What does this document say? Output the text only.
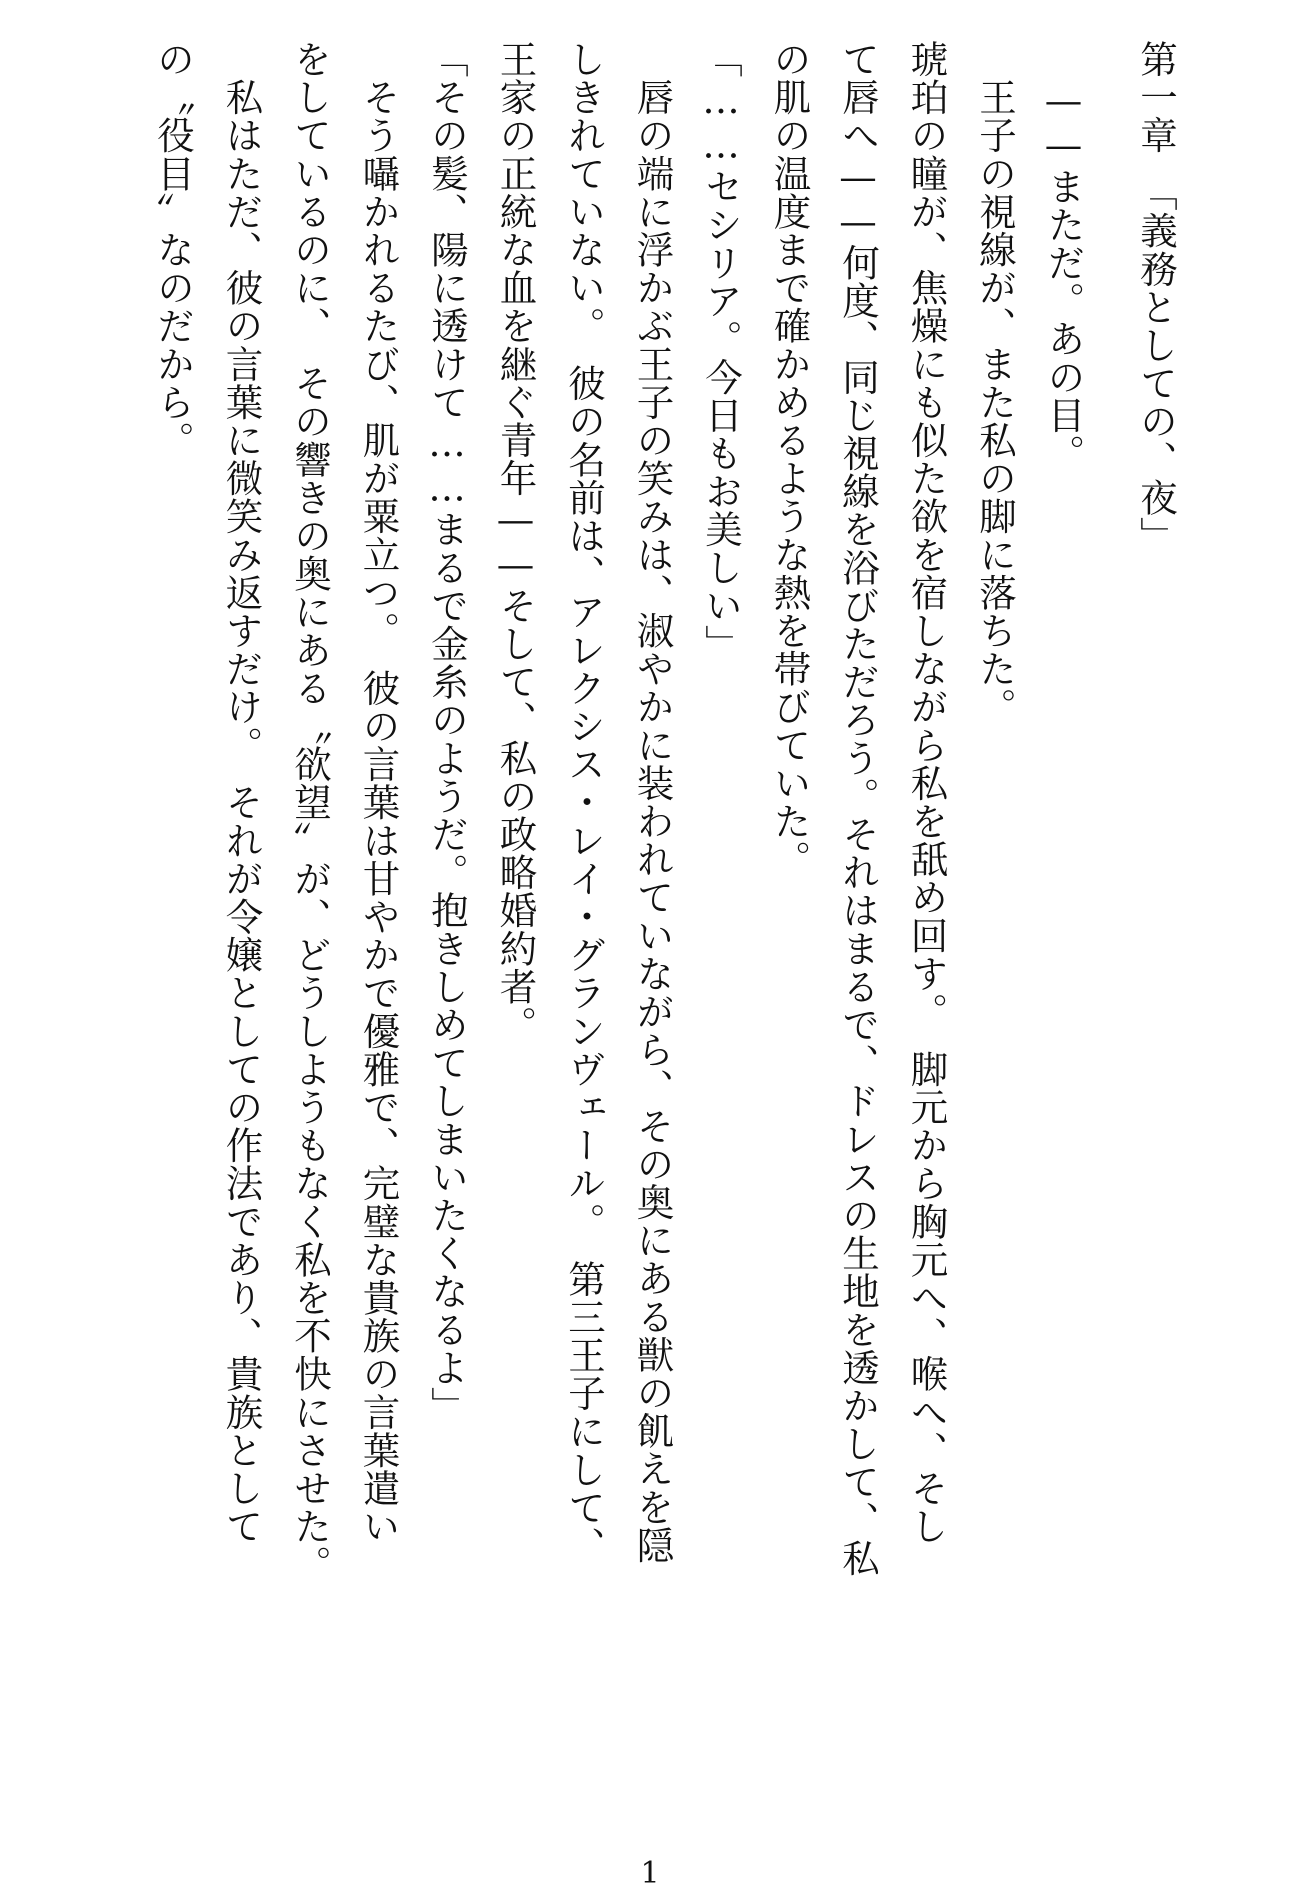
第一章　「義務としての、夜」

　——まただ。あの目。

　王子の視線が、また私の脚に落ちた。

琥珀の瞳が、焦燥にも似た欲を宿しながら私を舐め回す。　脚元から胸元へ、喉へ、そし

て唇へ——何度、同じ視線を浴びただろう。それはまるで、ドレスの生地を透かして、私

の肌の温度まで確かめるような熱を帯びていた。

「……セシリア。今日もお美しい」

　唇の端に浮かぶ王子の笑みは、淑やかに装われていながら、その奥にある獣の飢えを隠

しきれていない。　彼の名前は、アレクシス・レイ・グランヴェール。　第三王子にして、

王家の正統な血を継ぐ青年——そして、私の政略婚約者。

「その髪、陽に透けて……まるで金糸のようだ。抱きしめてしまいたくなるよ」

　そう囁かれるたび、肌が粟立つ。　彼の言葉は甘やかで優雅で、完璧な貴族の言葉遣い

をしているのに、　その響きの奥にある〝欲望〟が、どうしようもなく私を不快にさせた。

　私はただ、彼の言葉に微笑み返すだけ。　それが令嬢としての作法であり、貴族として

の〝役目〟なのだから。

1
